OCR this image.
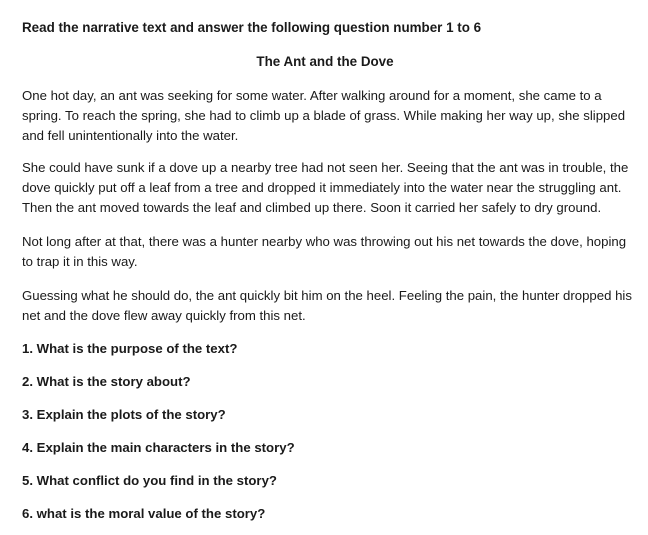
Read the narrative text and answer the following question number 1 to 6
The Ant and the Dove

One hot day, an ant was seeking for some water. After walking around for a moment, she came to a spring. To reach the spring, she had to climb up a blade of grass. While making her way up, she slipped and fell unintentionally into the water.

She could have sunk if a dove up a nearby tree had not seen her. Seeing that the ant was in trouble, the dove quickly put off a leaf from a tree and dropped it immediately into the water near the struggling ant. Then the ant moved towards the leaf and climbed up there. Soon it carried her safely to dry ground.

Not long after at that, there was a hunter nearby who was throwing out his net towards the dove, hoping to trap it in this way.

Guessing what he should do, the ant quickly bit him on the heel. Feeling the pain, the hunter dropped his net and the dove flew away quickly from this net.

1. What is the purpose of the text?
2. What is the story about?
3. Explain the plots of the story?
4. Explain the main characters in the story?
5. What conflict do you find in the story?
6. what is the moral value of the story?
